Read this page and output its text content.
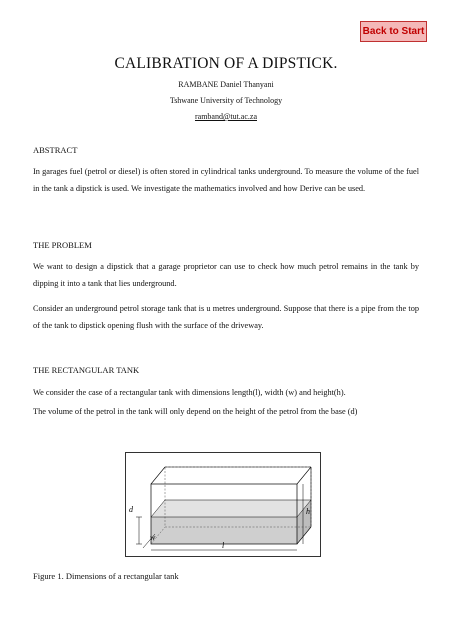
Back to Start
CALIBRATION OF A DIPSTICK.
RAMBANE Daniel Thanyani
Tshwane University of Technology
ramband@tut.ac.za
ABSTRACT

In garages fuel (petrol or diesel) is often stored in cylindrical tanks underground. To measure the volume of the fuel in the tank a dipstick is used. We investigate the mathematics involved and how Derive can be used.

THE PROBLEM

We want to design a dipstick that a garage proprietor can use to check how much petrol remains in the tank by dipping it into a tank that lies underground.

Consider an underground petrol storage tank that is u metres underground. Suppose that there is a pipe from the top of the tank to dipstick opening flush with the surface of the driveway.

THE RECTANGULAR TANK

We consider the case of a rectangular tank with dimensions length(l), width (w) and height(h).

The volume of the petrol in the tank will only depend on the height of the petrol from the base (d)

d	h
w
l
Figure 1. Dimensions of a rectangular tank
